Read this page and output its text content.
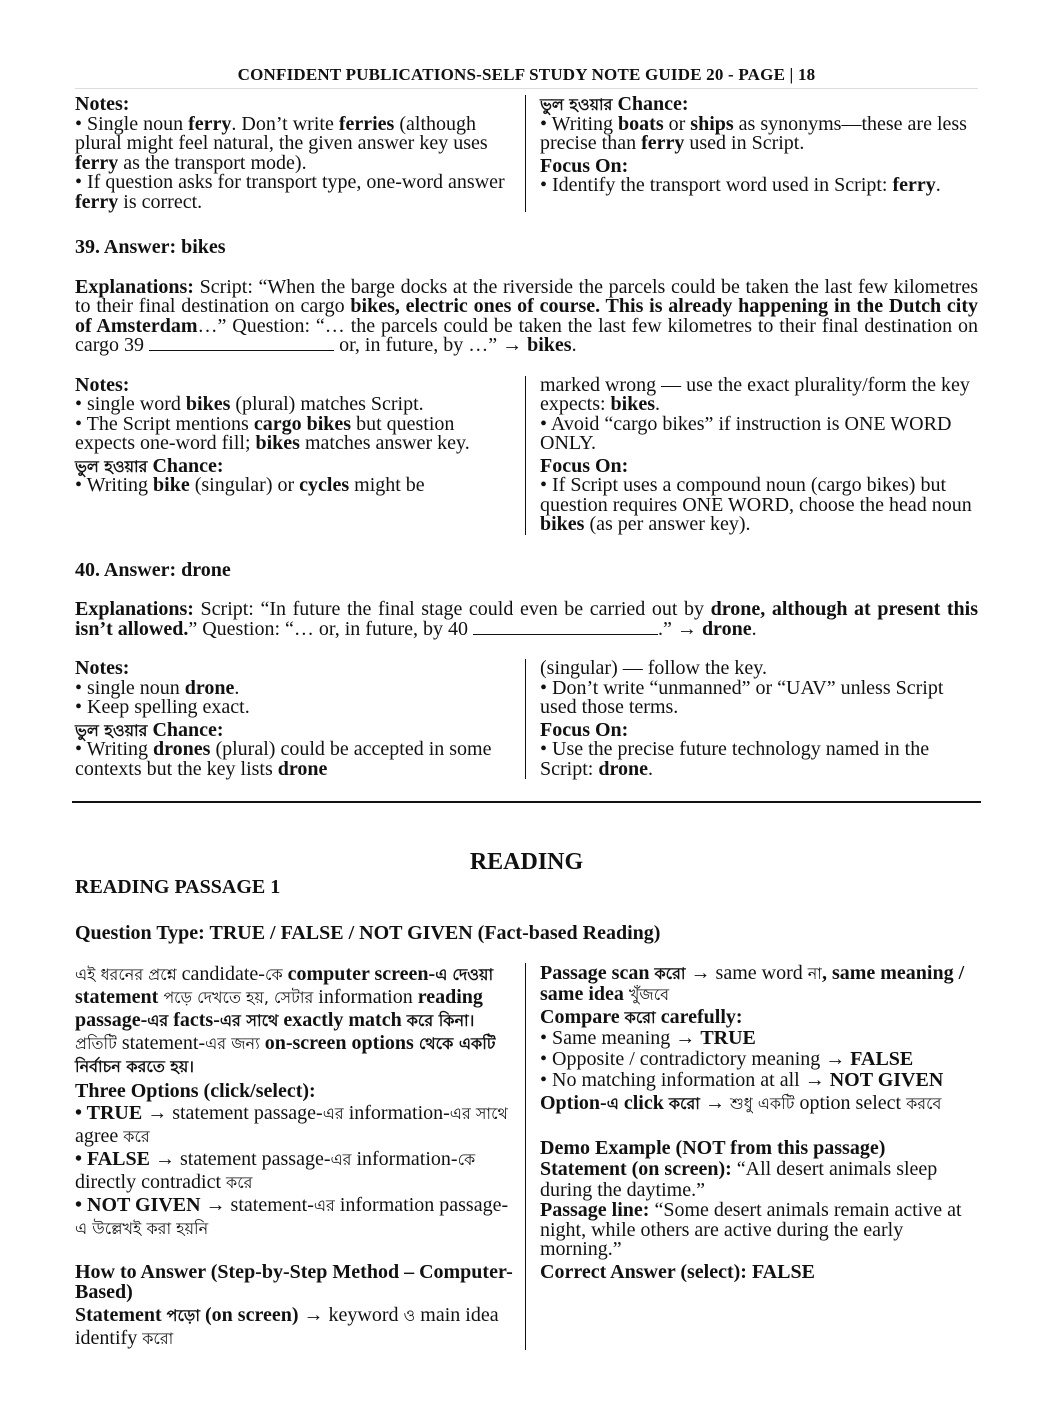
CONFIDENT PUBLICATIONS-SELF STUDY NOTE GUIDE 20 - PAGE | 18

Notes:

• Single noun ferry. Don’t write ferries (although plural might feel natural, the given answer key uses ferry as the transport mode).

• If question asks for transport type, one-word answer ferry is correct.

ভুল হওয়ার Chance:

• Writing boats or ships as synonyms—these are less precise than ferry used in Script.

Focus On:

• Identify the transport word used in Script: ferry.

39. Answer: bikes

Explanations: Script: “When the barge docks at the riverside the parcels could be taken the last few kilometres to their final destination on cargo bikes, electric ones of course. This is already happening in the Dutch city of Amsterdam…” Question: “… the parcels could be taken the last few kilometres to their final destination on cargo 39	or, in future, by …” → bikes.

Notes:

• single word bikes (plural) matches Script.

• The Script mentions cargo bikes but question expects one-word fill; bikes matches answer key.

ভুল হওয়ার Chance:

• Writing bike (singular) or cycles might be

marked wrong — use the exact plurality/form the key expects: bikes.

• Avoid “cargo bikes” if instruction is ONE WORD ONLY.

Focus On:

• If Script uses a compound noun (cargo bikes) but question requires ONE WORD, choose the head noun bikes (as per answer key).

40. Answer: drone

Explanations: Script: “In future the final stage could even be carried out by drone, although at present this isn’t allowed.” Question: “… or, in future, by 40	.” → drone.

Notes:

• single noun drone.

• Keep spelling exact.

ভুল হওয়ার Chance:

• Writing drones (plural) could be accepted in some contexts but the key lists drone

(singular) — follow the key.

• Don’t write “unmanned” or “UAV” unless Script used those terms.

Focus On:

• Use the precise future technology named in the Script: drone.

READING

READING PASSAGE 1

Question Type: TRUE / FALSE / NOT GIVEN (Fact-based Reading)

এই ধরনের প্রশ্নে candidate-কে computer screen-এ দেওয়া statement পড়ে দেখতে হয়, সেটার information reading passage-এর facts-এর সাথে exactly match করে কিনা।

প্রতিটি statement-এর জন্য on-screen options থেকে একটি নির্বাচন করতে হয়।

Three Options (click/select):

• TRUE → statement passage-এর information-এর সাথে agree করে

• FALSE → statement passage-এর information-কে directly contradict করে

• NOT GIVEN → statement-এর information passage-এ উল্লেখই করা হয়নি

How to Answer (Step-by-Step Method – Computer-Based)

Statement পড়ো (on screen) → keyword ও main idea identify করো

Passage scan করো → same word না, same meaning / same idea খুঁজবে

Compare করো carefully:

• Same meaning → TRUE

• Opposite / contradictory meaning → FALSE

• No matching information at all → NOT GIVEN

Option-এ click করো → শুধু একটি option select করবে

Demo Example (NOT from this passage)

Statement (on screen): “All desert animals sleep during the daytime.”

Passage line: “Some desert animals remain active at night, while others are active during the early morning.”

Correct Answer (select): FALSE
